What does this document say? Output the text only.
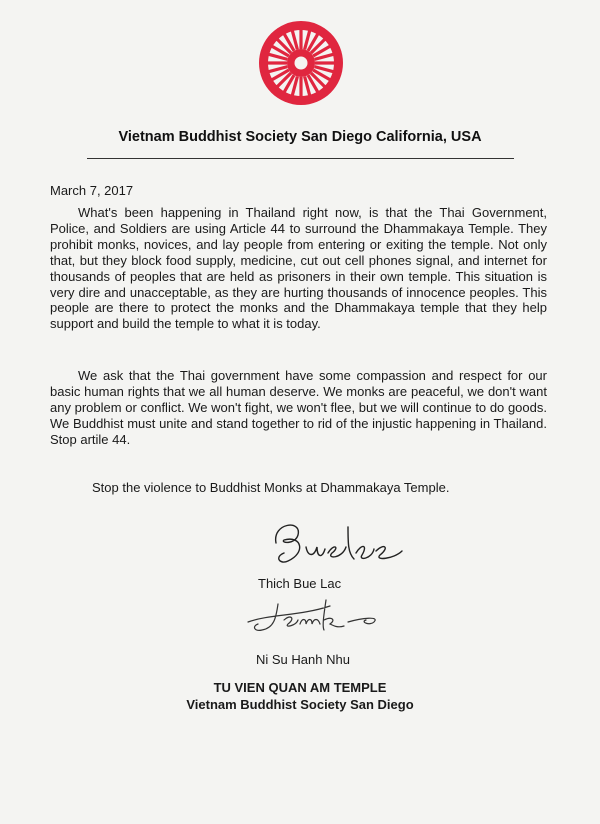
Vietnam Buddhist Society San Diego California, USA
March 7, 2017
What's been happening in Thailand right now, is that the Thai Government, Police, and Soldiers are using Article 44 to surround the Dhammakaya Temple. They prohibit monks, novices, and lay people from entering or exiting the temple. Not only that, but they block food supply, medicine, cut out cell phones signal, and internet for thousands of peoples that are held as prisoners in their own temple. This situation is very dire and unacceptable, as they are hurting thousands of innocence peoples. This people are there to protect the monks and the Dhammakaya temple that they help support and build the temple to what it is today.
We ask that the Thai government have some compassion and respect for our basic human rights that we all human deserve. We monks are peaceful, we don't want any problem or conflict. We won't fight, we won't flee, but we will continue to do goods. We Buddhist must unite and stand together to rid of the injustic happening in Thailand. Stop artile 44.
Stop the violence to Buddhist Monks at Dhammakaya Temple.
Thich Bue Lac
Ni Su Hanh Nhu
TU VIEN QUAN AM TEMPLE
Vietnam Buddhist Society San Diego
